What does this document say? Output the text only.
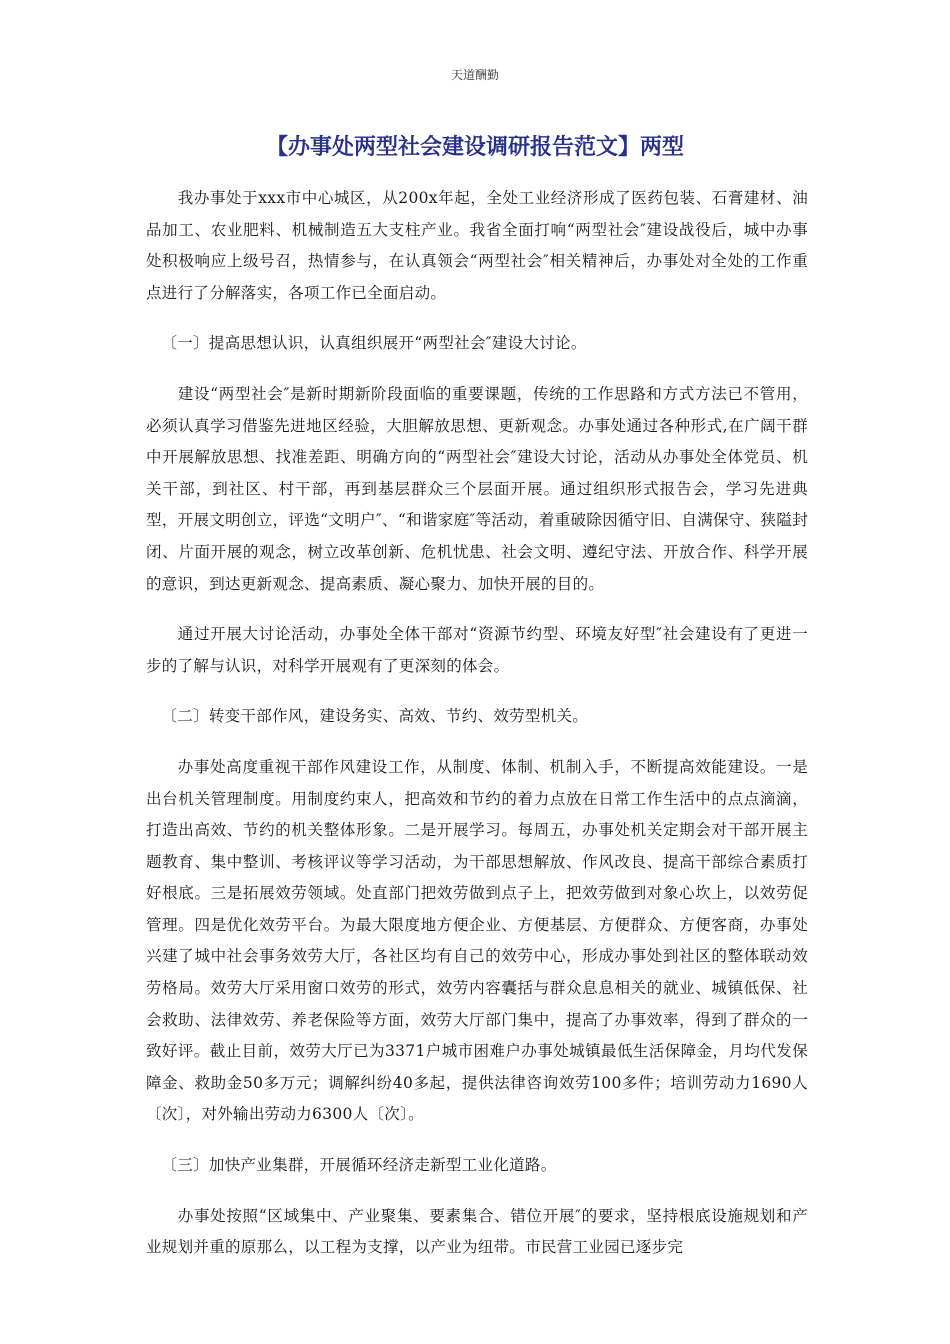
天道酬勤
【办事处两型社会建设调研报告范文】两型

我办事处于xxx市中心城区，从200x年起，全处工业经济形成了医药包装、石膏建材、油品加工、农业肥料、机械制造五大支柱产业。我省全面打响“两型社会″建设战役后，城中办事处积极响应上级号召，热情参与，在认真领会“两型社会″相关精神后，办事处对全处的工作重点进行了分解落实，各项工作已全面启动。

〔一〕提高思想认识，认真组织展开“两型社会″建设大讨论。

建设“两型社会″是新时期新阶段面临的重要课题，传统的工作思路和方式方法已不管用，必须认真学习借鉴先进地区经验，大胆解放思想、更新观念。办事处通过各种形式,在广阔干群中开展解放思想、找准差距、明确方向的“两型社会″建设大讨论，活动从办事处全体党员、机关干部，到社区、村干部，再到基层群众三个层面开展。通过组织形式报告会，学习先进典型，开展文明创立，评选“文明户″、“和谐家庭″等活动，着重破除因循守旧、自满保守、狭隘封闭、片面开展的观念，树立改革创新、危机忧患、社会文明、遵纪守法、开放合作、科学开展的意识，到达更新观念、提高素质、凝心聚力、加快开展的目的。

通过开展大讨论活动，办事处全体干部对“资源节约型、环境友好型″社会建设有了更进一步的了解与认识，对科学开展观有了更深刻的体会。

〔二〕转变干部作风，建设务实、高效、节约、效劳型机关。

办事处高度重视干部作风建设工作，从制度、体制、机制入手，不断提高效能建设。一是出台机关管理制度。用制度约束人，把高效和节约的着力点放在日常工作生活中的点点滴滴，打造出高效、节约的机关整体形象。二是开展学习。每周五，办事处机关定期会对干部开展主题教育、集中整训、考核评议等学习活动，为干部思想解放、作风改良、提高干部综合素质打好根底。三是拓展效劳领域。处直部门把效劳做到点子上，把效劳做到对象心坎上，以效劳促管理。四是优化效劳平台。为最大限度地方便企业、方便基层、方便群众、方便客商，办事处兴建了城中社会事务效劳大厅，各社区均有自己的效劳中心，形成办事处到社区的整体联动效劳格局。效劳大厅采用窗口效劳的形式，效劳内容囊括与群众息息相关的就业、城镇低保、社会救助、法律效劳、养老保险等方面，效劳大厅部门集中，提高了办事效率，得到了群众的一致好评。截止目前，效劳大厅已为3371户城市困难户办事处城镇最低生活保障金，月均代发保障金、救助金50多万元；调解纠纷40多起，提供法律咨询效劳100多件；培训劳动力1690人〔次〕，对外输出劳动力6300人〔次〕。

〔三〕加快产业集群，开展循环经济走新型工业化道路。

办事处按照“区域集中、产业聚集、要素集合、错位开展″的要求，坚持根底设施规划和产业规划并重的原那么，以工程为支撑，以产业为纽带。市民营工业园已逐步完
